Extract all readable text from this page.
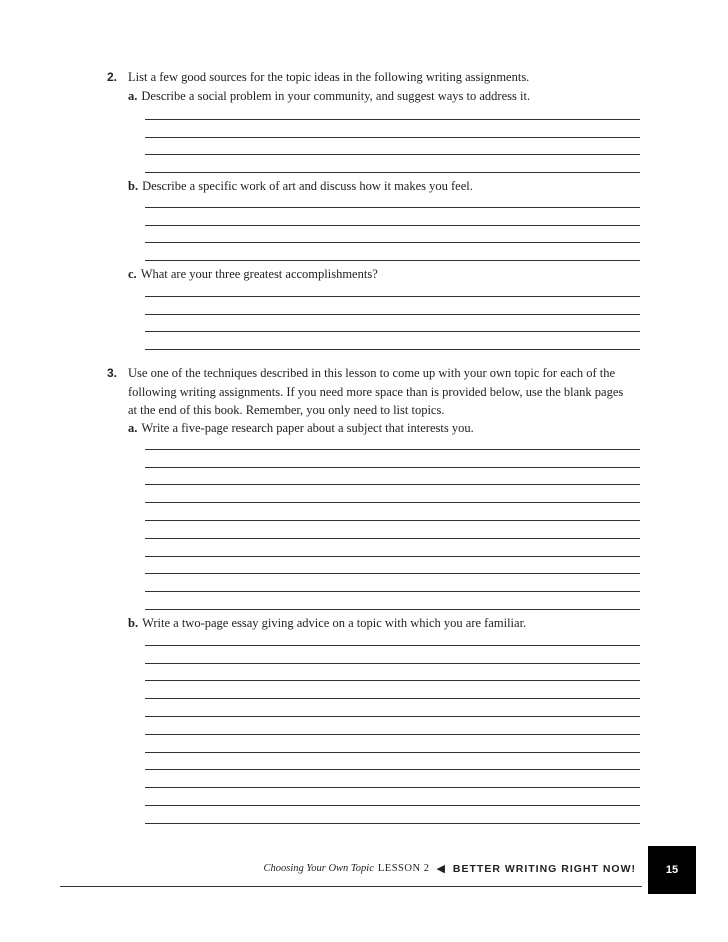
2. List a few good sources for the topic ideas in the following writing assignments.
a. Describe a social problem in your community, and suggest ways to address it.
b. Describe a specific work of art and discuss how it makes you feel.
c. What are your three greatest accomplishments?
3. Use one of the techniques described in this lesson to come up with your own topic for each of the
following writing assignments. If you need more space than is provided below, use the blank pages
at the end of this book. Remember, you only need to list topics.
a. Write a five-page research paper about a subject that interests you.
b. Write a two-page essay giving advice on a topic with which you are familiar.
Choosing Your Own Topic LESSON 2 ◀ BETTER WRITING RIGHT NOW!	15
